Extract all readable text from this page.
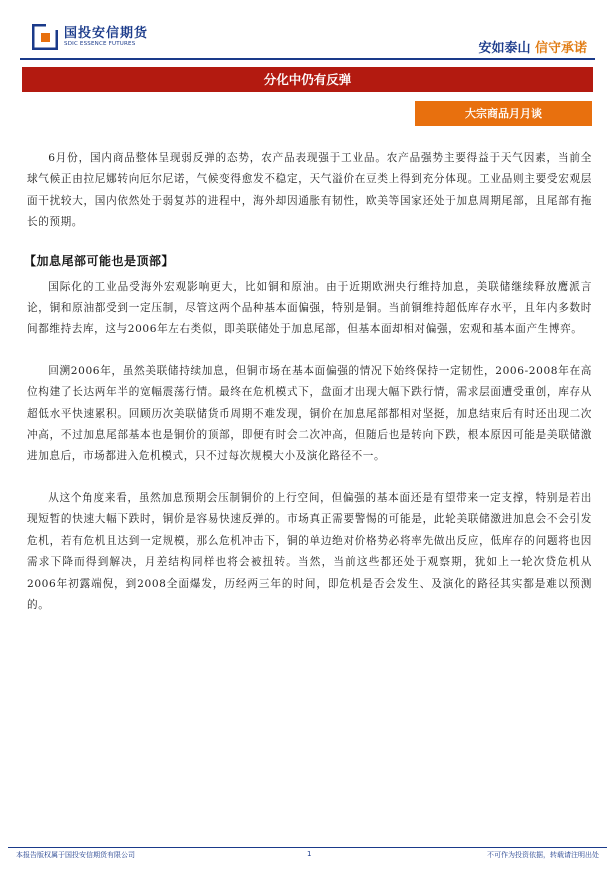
国投安信期货
SDIC ESSENCE FUTURES	安如泰山 信守承诺
分化中仍有反弹
大宗商品月月谈

6月份，国内商品整体呈现弱反弹的态势，农产品表现强于工业品。农产品强势主要得益于天气因素，当前全球气候正由拉尼娜转向厄尔尼诺，气候变得愈发不稳定，天气溢价在豆类上得到充分体现。工业品则主要受宏观层面干扰较大，国内依然处于弱复苏的进程中，海外却因通胀有韧性，欧美等国家还处于加息周期尾部，且尾部有拖长的预期。

【加息尾部可能也是顶部】

国际化的工业品受海外宏观影响更大，比如铜和原油。由于近期欧洲央行维持加息，美联储继续释放鹰派言论，铜和原油都受到一定压制，尽管这两个品种基本面偏强，特别是铜。当前铜维持超低库存水平，且年内多数时间都维持去库，这与2006年左右类似，即美联储处于加息尾部，但基本面却相对偏强，宏观和基本面产生博弈。

回溯2006年，虽然美联储持续加息，但铜市场在基本面偏强的情况下始终保持一定韧性，2006-2008年在高位构建了长达两年半的宽幅震荡行情。最终在危机模式下，盘面才出现大幅下跌行情，需求层面遭受重创，库存从超低水平快速累积。回顾历次美联储货币周期不难发现，铜价在加息尾部都相对坚挺，加息结束后有时还出现二次冲高，不过加息尾部基本也是铜价的顶部，即便有时会二次冲高，但随后也是转向下跌，根本原因可能是美联储激进加息后，市场都进入危机模式，只不过每次规模大小及演化路径不一。

从这个角度来看，虽然加息预期会压制铜价的上行空间，但偏强的基本面还是有望带来一定支撑，特别是若出现短暂的快速大幅下跌时，铜价是容易快速反弹的。市场真正需要警惕的可能是，此轮美联储激进加息会不会引发危机，若有危机且达到一定规模，那么危机冲击下，铜的单边绝对价格势必将率先做出反应，低库存的问题将也因需求下降而得到解决，月差结构同样也将会被扭转。当然，当前这些都还处于观察期，犹如上一轮次贷危机从2006年初露端倪，到2008全面爆发，历经两三年的时间，即危机是否会发生、及演化的路径其实都是难以预测的。

本报告版权属于国投安信期货有限公司	1	不可作为投资依据，转载请注明出处
